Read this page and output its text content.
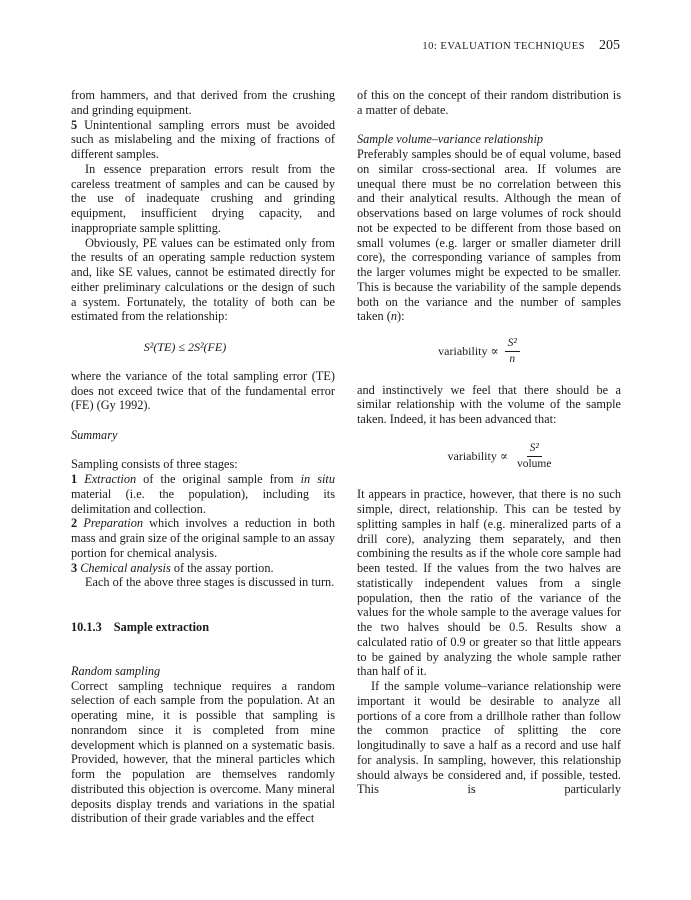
10: EVALUATION TECHNIQUES 205

from hammers, and that derived from the crushing and grinding equipment.

5 Unintentional sampling errors must be avoided such as mislabeling and the mixing of fractions of different samples.

In essence preparation errors result from the careless treatment of samples and can be caused by the use of inadequate crushing and grinding equipment, insufficient drying capacity, and inappropriate sample splitting.

Obviously, PE values can be estimated only from the results of an operating sample reduction system and, like SE values, cannot be estimated directly for either preliminary calculations or the design of such a system. Fortunately, the totality of both can be estimated from the relationship:

S²(TE) ≤ 2S²(FE)

where the variance of the total sampling error (TE) does not exceed twice that of the fundamental error (FE) (Gy 1992).

Summary

Sampling consists of three stages:

1 Extraction of the original sample from in situ material (i.e. the population), including its delimitation and collection.

2 Preparation which involves a reduction in both mass and grain size of the original sample to an assay portion for chemical analysis.

3 Chemical analysis of the assay portion.

Each of the above three stages is discussed in turn.

10.1.3 Sample extraction

Random sampling

Correct sampling technique requires a random selection of each sample from the population. At an operating mine, it is possible that sampling is nonrandom since it is completed from mine development which is planned on a systematic basis. Provided, however, that the mineral particles which form the population are themselves randomly distributed this objection is overcome. Many mineral deposits display trends and variations in the spatial distribution of their grade variables and the effect

of this on the concept of their random distribution is a matter of debate.

Sample volume–variance relationship

Preferably samples should be of equal volume, based on similar cross-sectional area. If volumes are unequal there must be no correlation between this and their analytical results. Although the mean of observations based on large volumes of rock should not be expected to be different from those based on small volumes (e.g. larger or smaller diameter drill core), the corresponding variance of samples from the larger volumes might be expected to be smaller. This is because the variability of the sample depends both on the variance and the number of samples taken (n):

variability ∝ $\frac{\text{S²}}{n}$

and instinctively we feel that there should be a similar relationship with the volume of the sample taken. Indeed, it has been advanced that:

variability ∝ $\frac{\text{S²}}{\text{volume}}$

It appears in practice, however, that there is no such simple, direct, relationship. This can be tested by splitting samples in half (e.g. mineralized parts of a drill core), analyzing them separately, and then combining the results as if the whole core sample had been tested. If the values from the two halves are statistically independent values from a single population, then the ratio of the variance of the values for the whole sample to the average values for the two halves should be 0.5. Results show a calculated ratio of 0.9 or greater so that little appears to be gained by analyzing the whole sample rather than half of it.

If the sample volume–variance relationship were important it would be desirable to analyze all portions of a core from a drillhole rather than follow the common practice of splitting the core longitudinally to save a half as a record and use half for analysis. In sampling, however, this relationship should always be considered and, if possible, tested. This is particularly
